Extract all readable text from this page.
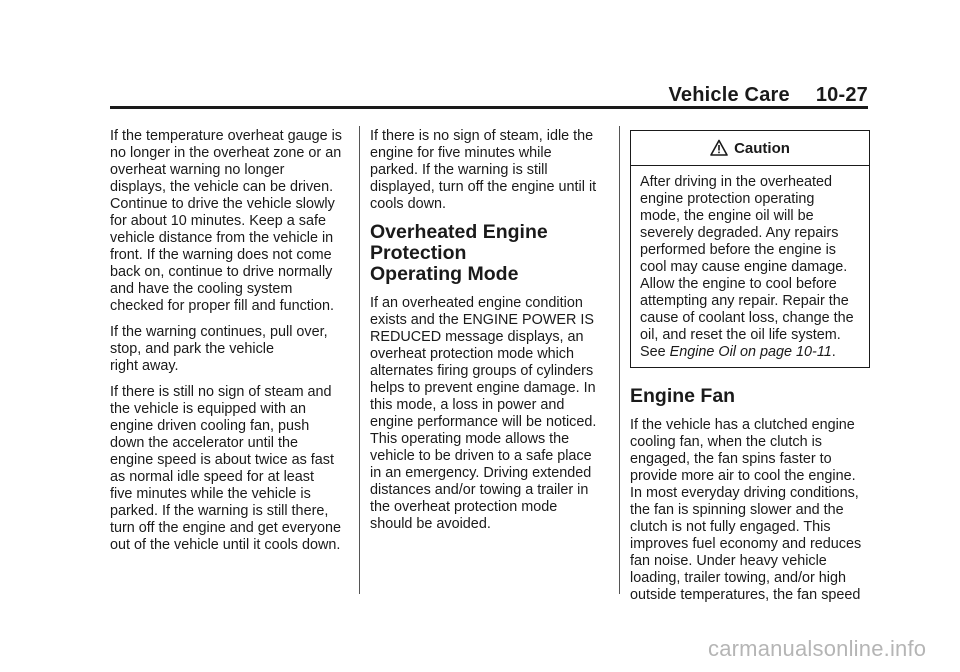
Vehicle Care 10-27

If the temperature overheat gauge is
no longer in the overheat zone or an
overheat warning no longer
displays, the vehicle can be driven.
Continue to drive the vehicle slowly
for about 10 minutes. Keep a safe
vehicle distance from the vehicle in
front. If the warning does not come
back on, continue to drive normally
and have the cooling system
checked for proper fill and function.

If the warning continues, pull over,
stop, and park the vehicle
right away.

If there is still no sign of steam and
the vehicle is equipped with an
engine driven cooling fan, push
down the accelerator until the
engine speed is about twice as fast
as normal idle speed for at least
five minutes while the vehicle is
parked. If the warning is still there,
turn off the engine and get everyone
out of the vehicle until it cools down.

If there is no sign of steam, idle the
engine for five minutes while
parked. If the warning is still
displayed, turn off the engine until it
cools down.

Overheated Engine
Protection
Operating Mode

If an overheated engine condition
exists and the ENGINE POWER IS
REDUCED message displays, an
overheat protection mode which
alternates firing groups of cylinders
helps to prevent engine damage. In
this mode, a loss in power and
engine performance will be noticed.
This operating mode allows the
vehicle to be driven to a safe place
in an emergency. Driving extended
distances and/or towing a trailer in
the overheat protection mode
should be avoided.

Caution

After driving in the overheated
engine protection operating
mode, the engine oil will be
severely degraded. Any repairs
performed before the engine is
cool may cause engine damage.
Allow the engine to cool before
attempting any repair. Repair the
cause of coolant loss, change the
oil, and reset the oil life system.
See Engine Oil on page 10-11.

Engine Fan

If the vehicle has a clutched engine
cooling fan, when the clutch is
engaged, the fan spins faster to
provide more air to cool the engine.
In most everyday driving conditions,
the fan is spinning slower and the
clutch is not fully engaged. This
improves fuel economy and reduces
fan noise. Under heavy vehicle
loading, trailer towing, and/or high
outside temperatures, the fan speed

carmanualsonline.info
